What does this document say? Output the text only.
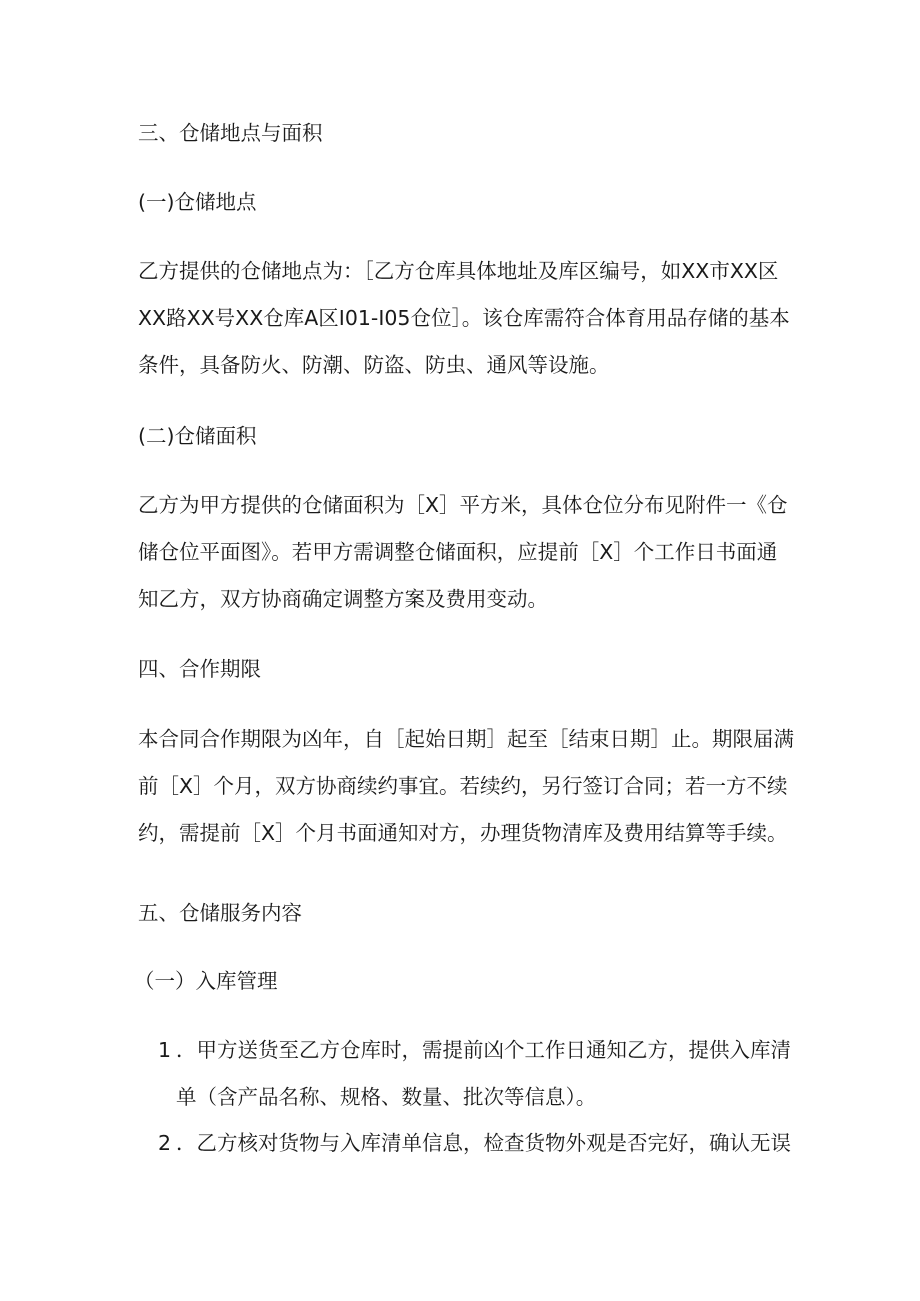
三、仓储地点与面积
(一)仓储地点
乙方提供的仓储地点为：［乙方仓库具体地址及库区编号，如XX市XX区
XX路XX号XX仓库A区I01-I05仓位］。该仓库需符合体育用品存储的基本
条件，具备防火、防潮、防盗、防虫、通风等设施。
(二)仓储面积
乙方为甲方提供的仓储面积为［X］平方米，具体仓位分布见附件一《仓
储仓位平面图》。若甲方需调整仓储面积，应提前［X］个工作日书面通
知乙方，双方协商确定调整方案及费用变动。
四、合作期限
本合同合作期限为凶年，自［起始日期］起至［结束日期］止。期限届满
前［X］个月，双方协商续约事宜。若续约，另行签订合同；若一方不续
约，需提前［X］个月书面通知对方，办理货物清库及费用结算等手续。
五、仓储服务内容
（一）入库管理
1 ．甲方送货至乙方仓库时，需提前凶个工作日通知乙方，提供入库清
单（含产品名称、规格、数量、批次等信息）。
2 ．乙方核对货物与入库清单信息，检查货物外观是否完好，确认无误
